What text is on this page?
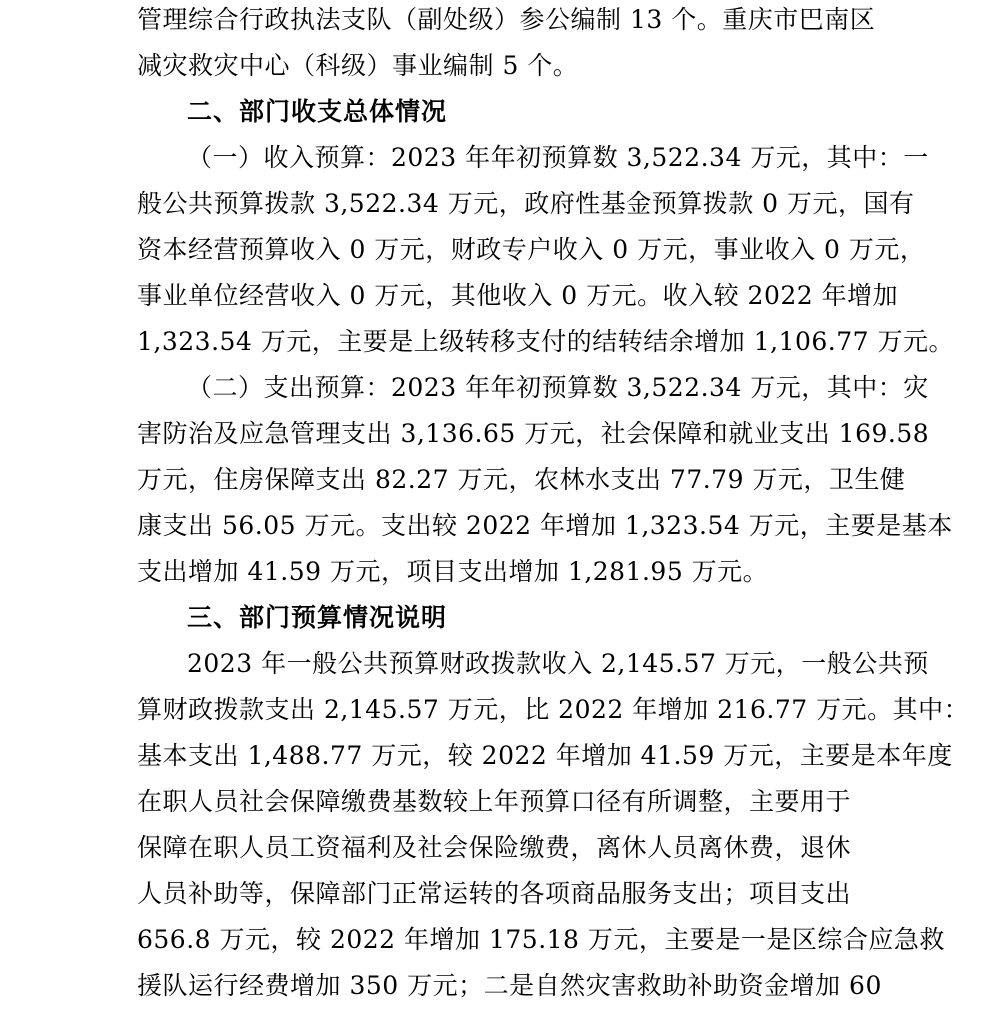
管理综合行政执法支队（副处级）参公编制 13 个。重庆市巴南区
减灾救灾中心（科级）事业编制 5 个。
二、部门收支总体情况
（一）收入预算：2023 年年初预算数 3,522.34 万元，其中：一
般公共预算拨款 3,522.34 万元，政府性基金预算拨款 0 万元，国有
资本经营预算收入 0 万元，财政专户收入 0 万元，事业收入 0 万元，
事业单位经营收入 0 万元，其他收入 0 万元。收入较 2022 年增加
1,323.54 万元，主要是上级转移支付的结转结余增加 1,106.77 万元。
（二）支出预算：2023 年年初预算数 3,522.34 万元，其中：灾
害防治及应急管理支出 3,136.65 万元，社会保障和就业支出 169.58
万元，住房保障支出 82.27 万元，农林水支出 77.79 万元，卫生健
康支出 56.05 万元。支出较 2022 年增加 1,323.54 万元，主要是基本
支出增加 41.59 万元，项目支出增加 1,281.95 万元。
三、部门预算情况说明
2023 年一般公共预算财政拨款收入 2,145.57 万元，一般公共预
算财政拨款支出 2,145.57 万元，比 2022 年增加 216.77 万元。其中：
基本支出 1,488.77 万元，较 2022 年增加 41.59 万元，主要是本年度
在职人员社会保障缴费基数较上年预算口径有所调整，主要用于
保障在职人员工资福利及社会保险缴费，离休人员离休费，退休
人员补助等，保障部门正常运转的各项商品服务支出；项目支出
656.8 万元，较 2022 年增加 175.18 万元，主要是一是区综合应急救
援队运行经费增加 350 万元；二是自然灾害救助补助资金增加 60
